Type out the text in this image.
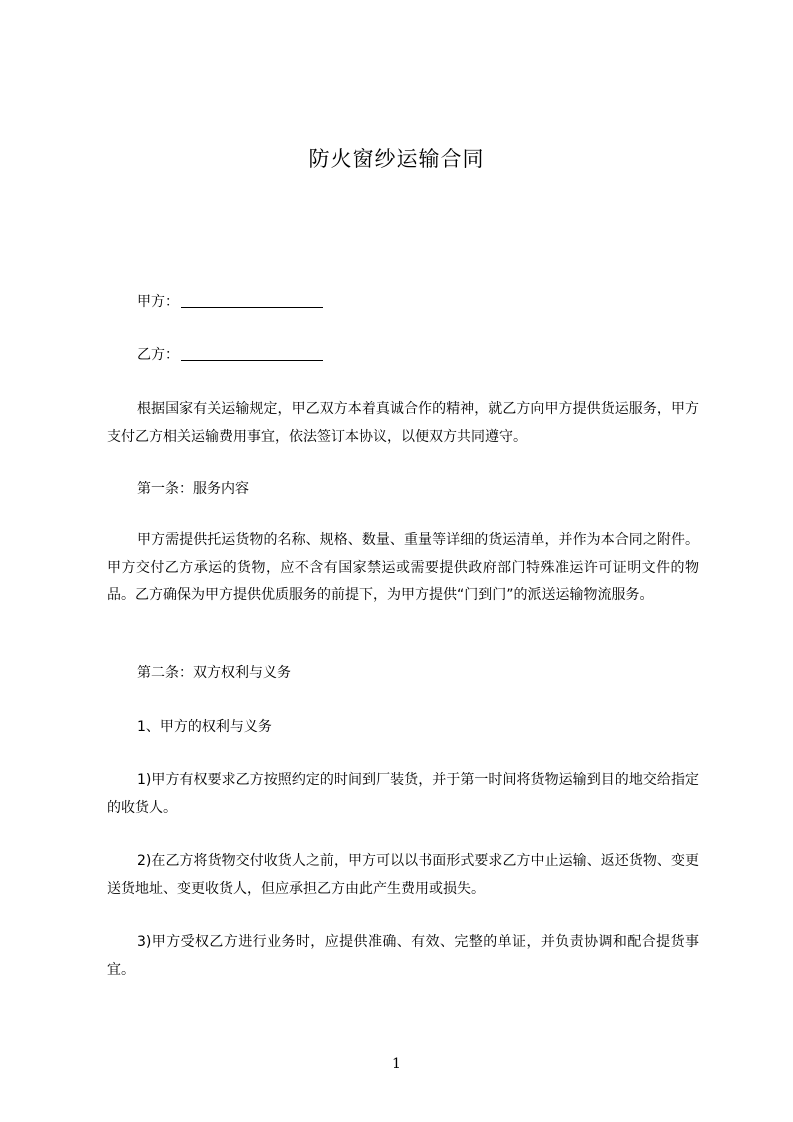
防火窗纱运输合同
甲方：
乙方：
根据国家有关运输规定，甲乙双方本着真诚合作的精神，就乙方向甲方提供货运服务，甲方支付乙方相关运输费用事宜，依法签订本协议，以便双方共同遵守。
第一条：服务内容
甲方需提供托运货物的名称、规格、数量、重量等详细的货运清单，并作为本合同之附件。甲方交付乙方承运的货物，应不含有国家禁运或需要提供政府部门特殊准运许可证明文件的物品。乙方确保为甲方提供优质服务的前提下，为甲方提供“门到门”的派送运输物流服务。
第二条：双方权利与义务
1、甲方的权利与义务
1)甲方有权要求乙方按照约定的时间到厂装货，并于第一时间将货物运输到目的地交给指定的收货人。
2)在乙方将货物交付收货人之前，甲方可以以书面形式要求乙方中止运输、返还货物、变更送货地址、变更收货人，但应承担乙方由此产生费用或损失。
3)甲方受权乙方进行业务时，应提供准确、有效、完整的单证，并负责协调和配合提货事宜。
1
